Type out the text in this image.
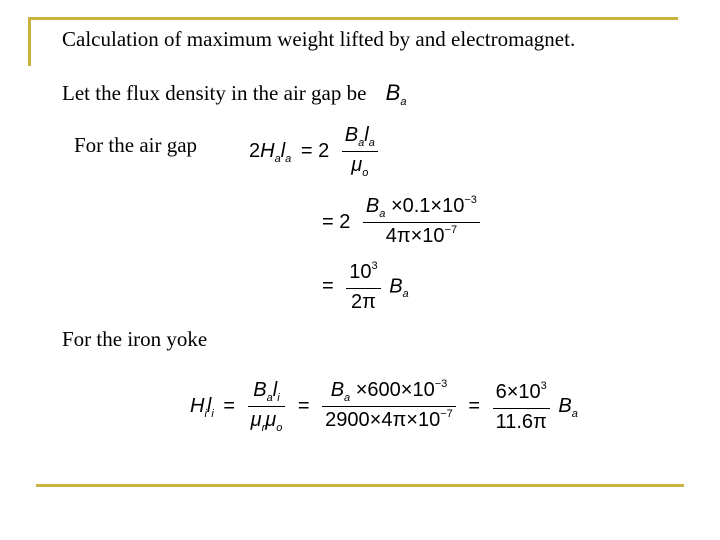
Calculation of maximum weight lifted by and electromagnet.
Let the flux density in the air gap be $B_a$
For the air gap	$2H_al_a = 2 \frac{B_al_a}{\mu_o}$
= $2 \frac{B_a \times 0.1\times 10^{-3}}{4\pi\times 10^{-7}}$
= $\frac{10^3}{2\pi} B_a$
For the iron yoke
$H_il_i = \frac{B_al_i}{\mu_r\mu_o} = \frac{B_a \times 600\times 10^{-3}}{2900\times 4\pi\times 10^{-7}} = \frac{6\times 10^3}{11.6\pi} B_a$
